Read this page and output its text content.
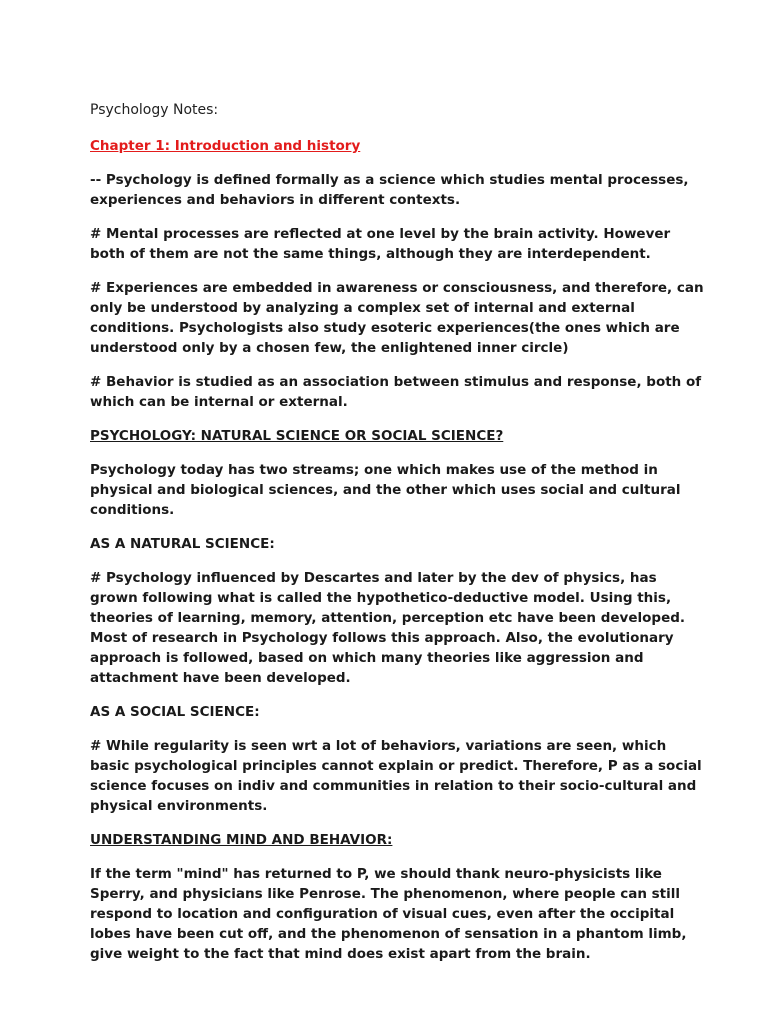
Psychology Notes:

Chapter 1: Introduction and history

-- Psychology is defined formally as a science which studies mental processes, experiences and behaviors in different contexts.

# Mental processes are reflected at one level by the brain activity. However both of them are not the same things, although they are interdependent.

# Experiences are embedded in awareness or consciousness, and therefore, can only be understood by analyzing a complex set of internal and external conditions. Psychologists also study esoteric experiences(the ones which are understood only by a chosen few, the enlightened inner circle)

# Behavior is studied as an association between stimulus and response, both of which can be internal or external.

PSYCHOLOGY: NATURAL SCIENCE OR SOCIAL SCIENCE?

Psychology today has two streams; one which makes use of the method in physical and biological sciences, and the other which uses social and cultural conditions.

AS A NATURAL SCIENCE:

# Psychology influenced by Descartes and later by the dev of physics, has grown following what is called the hypothetico-deductive model. Using this, theories of learning, memory, attention, perception etc have been developed. Most of research in Psychology follows this approach. Also, the evolutionary approach is followed, based on which many theories like aggression and attachment have been developed.

AS A SOCIAL SCIENCE:

# While regularity is seen wrt a lot of behaviors, variations are seen, which basic psychological principles cannot explain or predict. Therefore, P as a social science focuses on indiv and communities in relation to their socio-cultural and physical environments.

UNDERSTANDING MIND AND BEHAVIOR:

If the term "mind" has returned to P, we should thank neuro-physicists like Sperry, and physicians like Penrose. The phenomenon, where people can still respond to location and configuration of visual cues, even after the occipital lobes have been cut off, and the phenomenon of sensation in a phantom limb, give weight to the fact that mind does exist apart from the brain.
